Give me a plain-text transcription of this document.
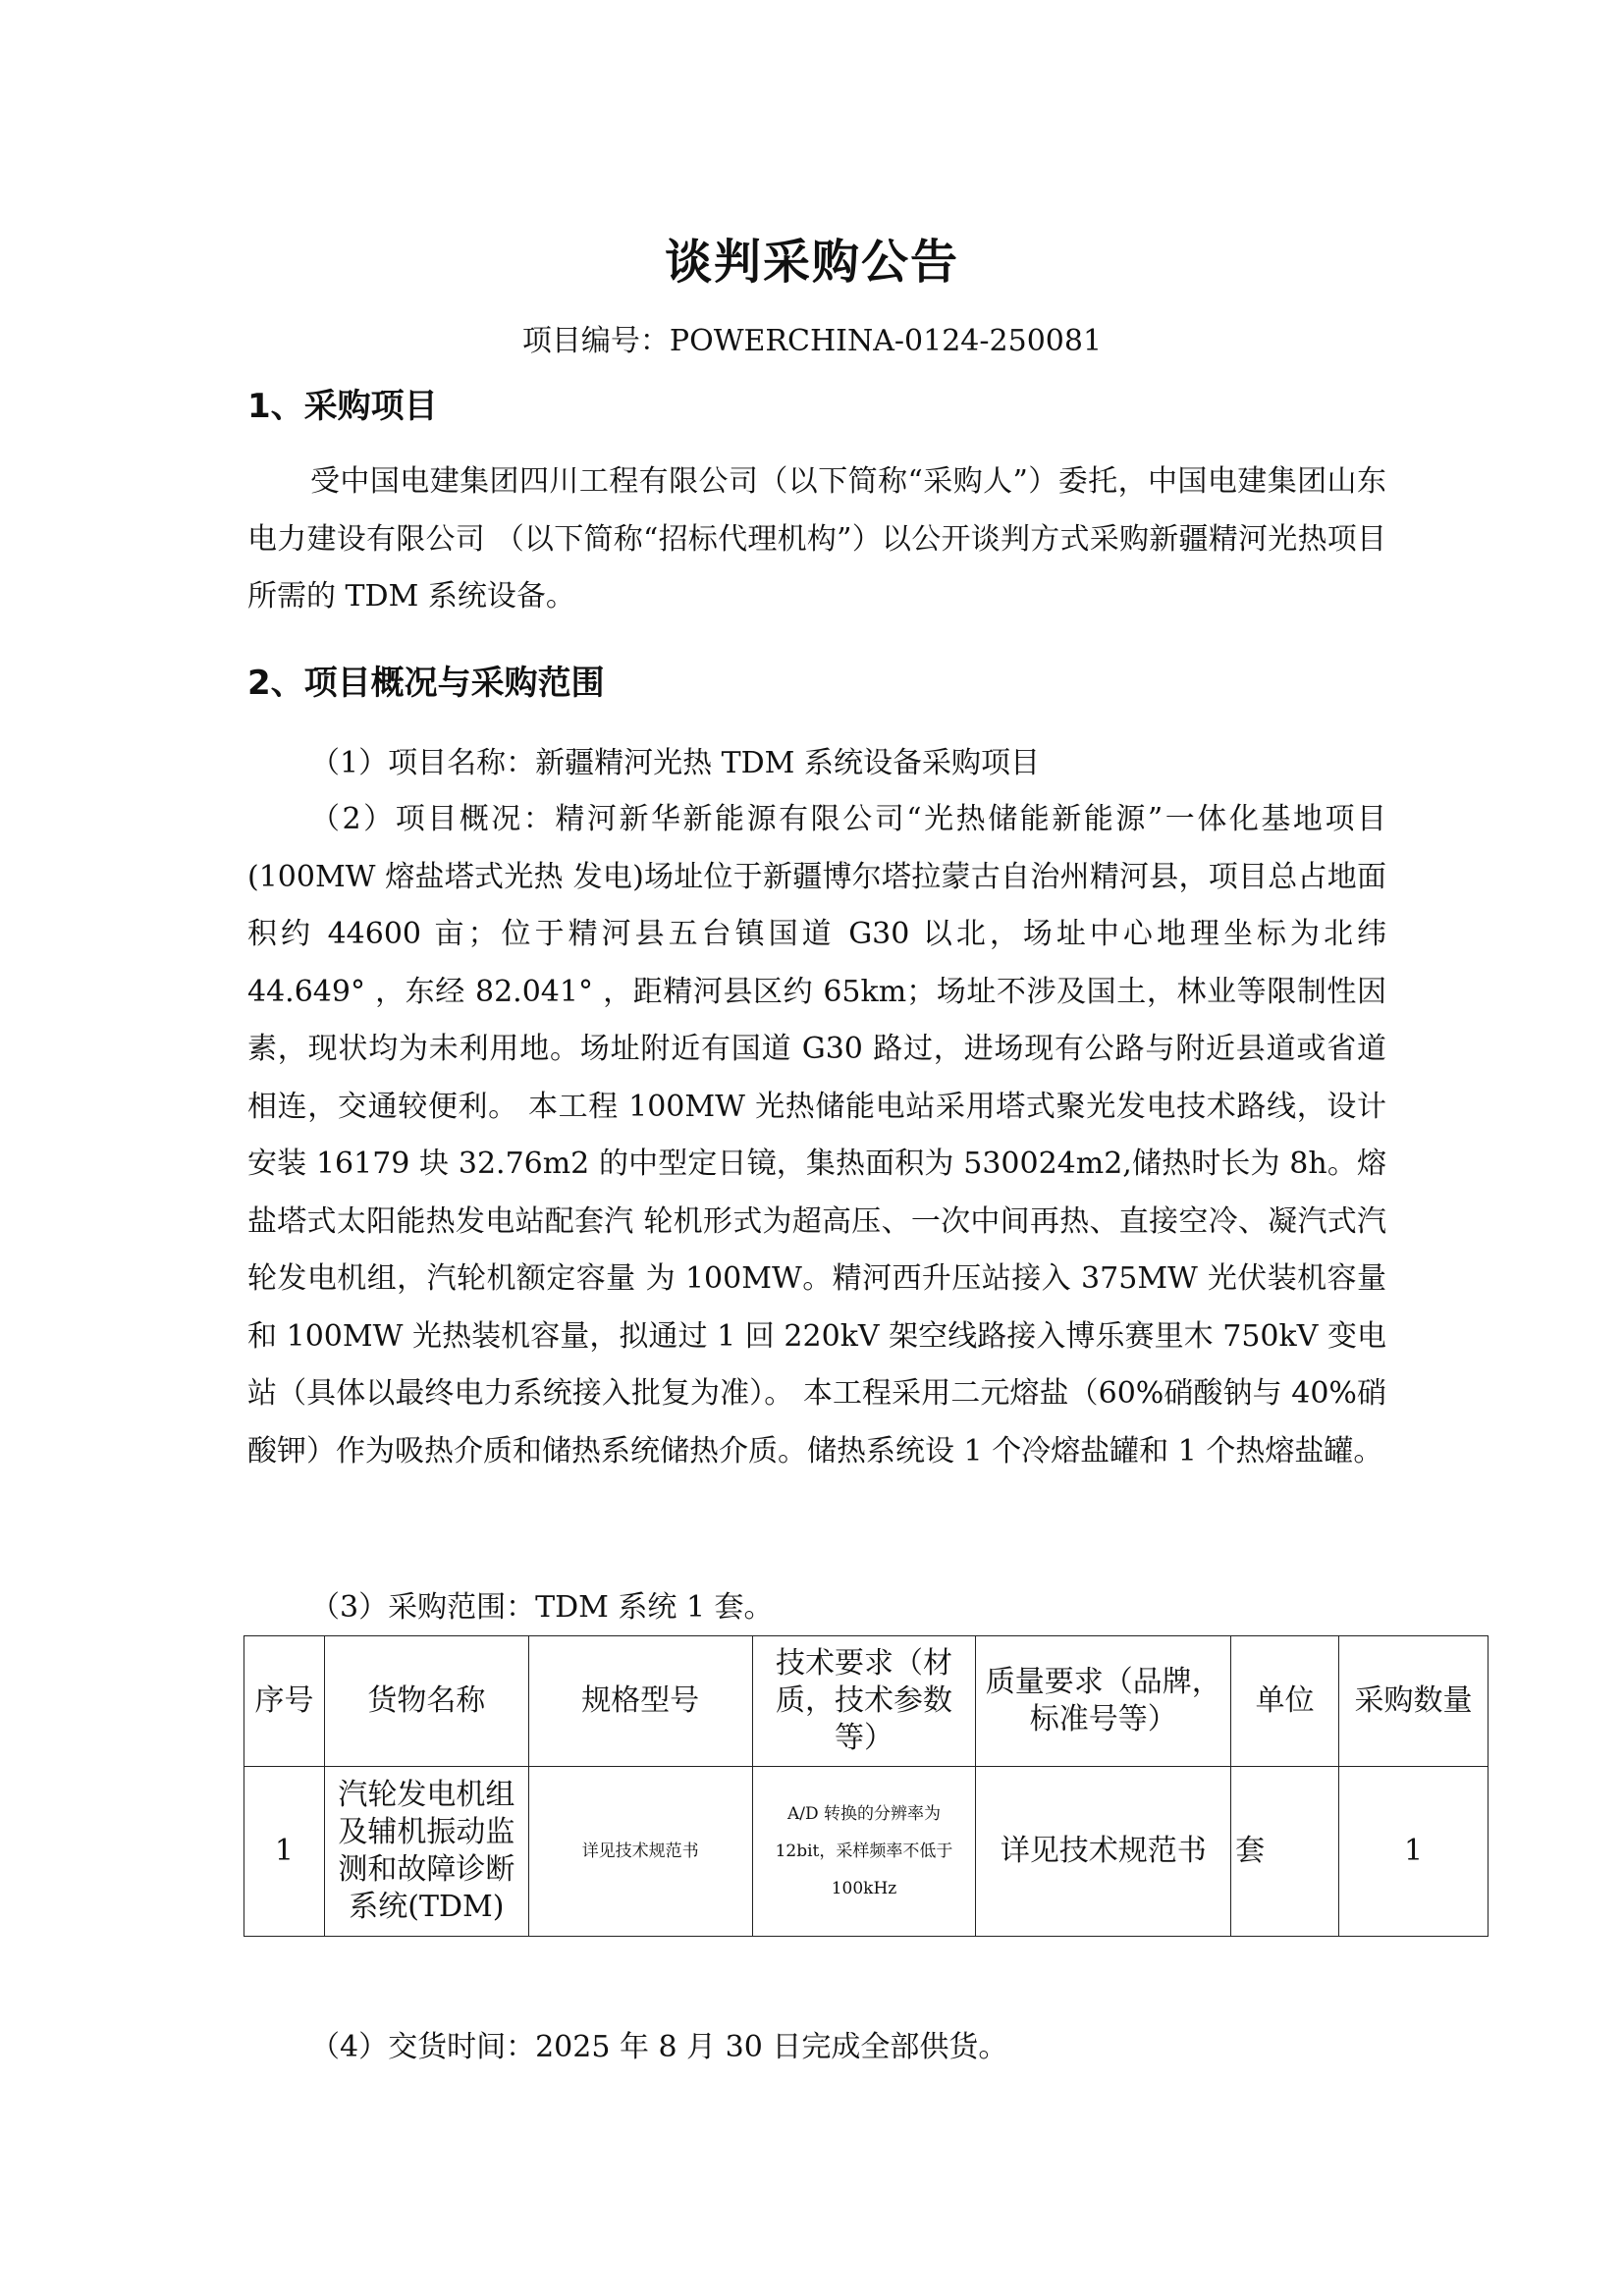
谈判采购公告
项目编号：POWERCHINA-0124-250081
1、采购项目
受中国电建集团四川工程有限公司（以下简称“采购人”）委托，中国电建集团山东电力建设有限公司 （以下简称“招标代理机构”）以公开谈判方式采购新疆精河光热项目所需的 TDM 系统设备。
2、项目概况与采购范围
（1）项目名称：新疆精河光热 TDM 系统设备采购项目
（2）项目概况：精河新华新能源有限公司“光热储能新能源”一体化基地项目(100MW 熔盐塔式光热 发电)场址位于新疆博尔塔拉蒙古自治州精河县，项目总占地面积约 44600 亩；位于精河县五台镇国道 G30 以北，场址中心地理坐标为北纬 44.649° ，东经 82.041° ，距精河县区约 65km；场址不涉及国土，林业等限制性因素，现状均为未利用地。场址附近有国道 G30 路过，进场现有公路与附近县道或省道相连，交通较便利。 本工程 100MW 光热储能电站采用塔式聚光发电技术路线，设计安装 16179 块 32.76m2 的中型定日镜，集热面积为 530024m2,储热时长为 8h。熔盐塔式太阳能热发电站配套汽 轮机形式为超高压、一次中间再热、直接空冷、凝汽式汽轮发电机组，汽轮机额定容量 为 100MW。精河西升压站接入 375MW 光伏装机容量和 100MW 光热装机容量，拟通过 1 回 220kV 架空线路接入博乐赛里木 750kV 变电站（具体以最终电力系统接入批复为准）。 本工程采用二元熔盐（60%硝酸钠与 40%硝酸钾）作为吸热介质和储热系统储热介质。储热系统设 1 个冷熔盐罐和 1 个热熔盐罐。
（3）采购范围：TDM 系统 1 套。
序号	货物名称	规格型号	技术要求（材质，技术参数等）	质量要求（品牌，标准号等）	单位	采购数量
1	汽轮发电机组及辅机振动监测和故障诊断系统(TDM)	详见技术规范书	A/D 转换的分辨率为 12bit，采样频率不低于 100kHz	详见技术规范书	套	1
（4）交货时间：2025 年 8 月 30 日完成全部供货。
